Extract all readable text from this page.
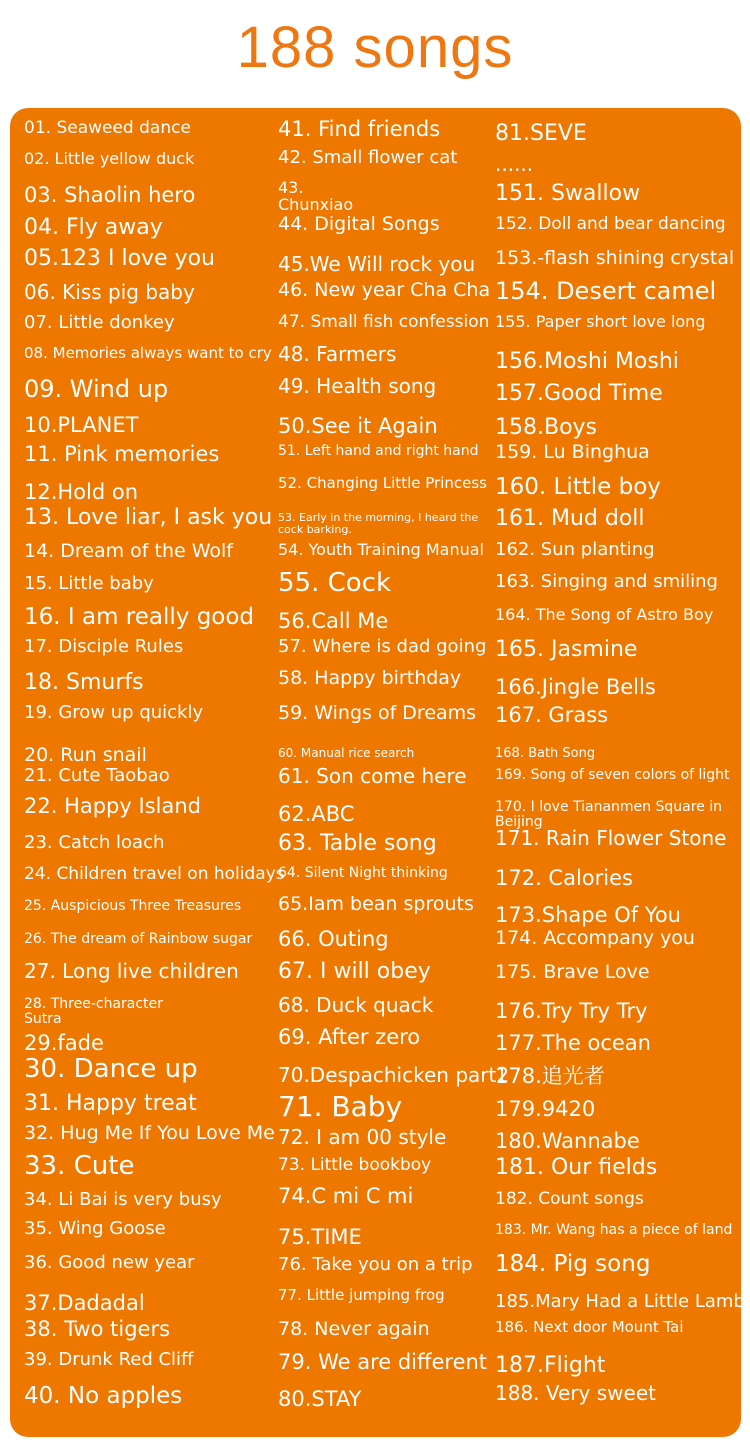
188 songs
01. Seaweed dance
02. Little yellow duck
03. Shaolin hero
04. Fly away
05.123 I love you
06. Kiss pig baby
07. Little donkey
08. Memories always want to cry
09. Wind up
10.PLANET
11. Pink memories
12.Hold on
13. Love liar, I ask you
14. Dream of the Wolf
15. Little baby
16. I am really good
17. Disciple Rules
18. Smurfs
19. Grow up quickly
20. Run snail
21. Cute Taobao
22. Happy Island
23. Catch loach
24. Children travel on holidays
25. Auspicious Three Treasures
26. The dream of Rainbow sugar
27. Long live children
28. Three-character Sutra
29.fade
30. Dance up
31. Happy treat
32. Hug Me If You Love Me
33. Cute
34. Li Bai is very busy
35. Wing Goose
36. Good new year
37.Dadadal
38. Two tigers
39. Drunk Red Cliff
40. No apples
41. Find friends
42. Small flower cat
43. Chunxiao
44. Digital Songs
45.We Will rock you
46. New year Cha Cha
47. Small fish confession
48. Farmers
49. Health song
50.See it Again
51. Left hand and right hand
52. Changing Little Princess
53. Early in the morning, I heard the cock barking.
54. Youth Training Manual
55. Cock
56.Call Me
57. Where is dad going
58. Happy birthday
59. Wings of Dreams
60. Manual rice search
61. Son come here
62.ABC
63. Table song
64. Silent Night thinking
65.Iam bean sprouts
66. Outing
67. I will obey
68. Duck quack
69. After zero
70.Despachicken part2
71. Baby
72. I am 00 style
73. Little bookboy
74.C mi C mi
75.TIME
76. Take you on a trip
77. Little jumping frog
78. Never again
79. We are different
80.STAY
81.SEVE
......
151. Swallow
152. Doll and bear dancing
153.-flash shining crystal
154. Desert camel
155. Paper short love long
156.Moshi Moshi
157.Good Time
158.Boys
159. Lu Binghua
160. Little boy
161. Mud doll
162. Sun planting
163. Singing and smiling
164. The Song of Astro Boy
165. Jasmine
166.Jingle Bells
167. Grass
168. Bath Song
169. Song of seven colors of light
170. I love Tiananmen Square in Beijing
171. Rain Flower Stone
172. Calories
173.Shape Of You
174. Accompany you
175. Brave Love
176.Try Try Try
177.The ocean
178.追光者
179.9420
180.Wannabe
181. Our fields
182. Count songs
183. Mr. Wang has a piece of land
184. Pig song
185.Mary Had a Little Lamb
186. Next door Mount Tai
187.Flight
188. Very sweet
